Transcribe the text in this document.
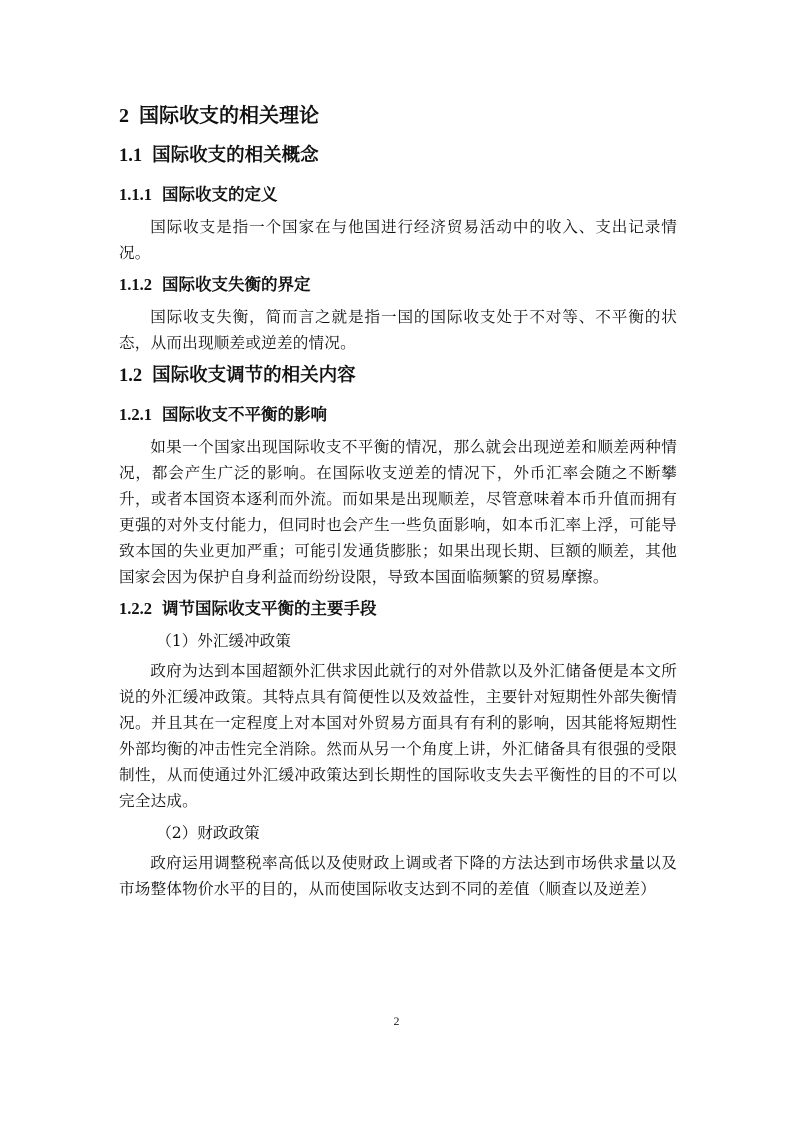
2 国际收支的相关理论
1.1 国际收支的相关概念
1.1.1 国际收支的定义

国际收支是指一个国家在与他国进行经济贸易活动中的收入、支出记录情况。

1.1.2 国际收支失衡的界定

国际收支失衡，简而言之就是指一国的国际收支处于不对等、不平衡的状态，从而出现顺差或逆差的情况。

1.2 国际收支调节的相关内容
1.2.1 国际收支不平衡的影响

如果一个国家出现国际收支不平衡的情况，那么就会出现逆差和顺差两种情况，都会产生广泛的影响。在国际收支逆差的情况下，外币汇率会随之不断攀升，或者本国资本逐利而外流。而如果是出现顺差，尽管意味着本币升值而拥有更强的对外支付能力，但同时也会产生一些负面影响，如本币汇率上浮，可能导致本国的失业更加严重；可能引发通货膨胀；如果出现长期、巨额的顺差，其他国家会因为保护自身利益而纷纷设限，导致本国面临频繁的贸易摩擦。

1.2.2 调节国际收支平衡的主要手段
（1）外汇缓冲政策

政府为达到本国超额外汇供求因此就行的对外借款以及外汇储备便是本文所说的外汇缓冲政策。其特点具有简便性以及效益性，主要针对短期性外部失衡情况。并且其在一定程度上对本国对外贸易方面具有有利的影响，因其能将短期性外部均衡的冲击性完全消除。然而从另一个角度上讲，外汇储备具有很强的受限制性，从而使通过外汇缓冲政策达到长期性的国际收支失去平衡性的目的不可以完全达成。

（2）财政政策

政府运用调整税率高低以及使财政上调或者下降的方法达到市场供求量以及市场整体物价水平的目的，从而使国际收支达到不同的差值（顺查以及逆差）

2
